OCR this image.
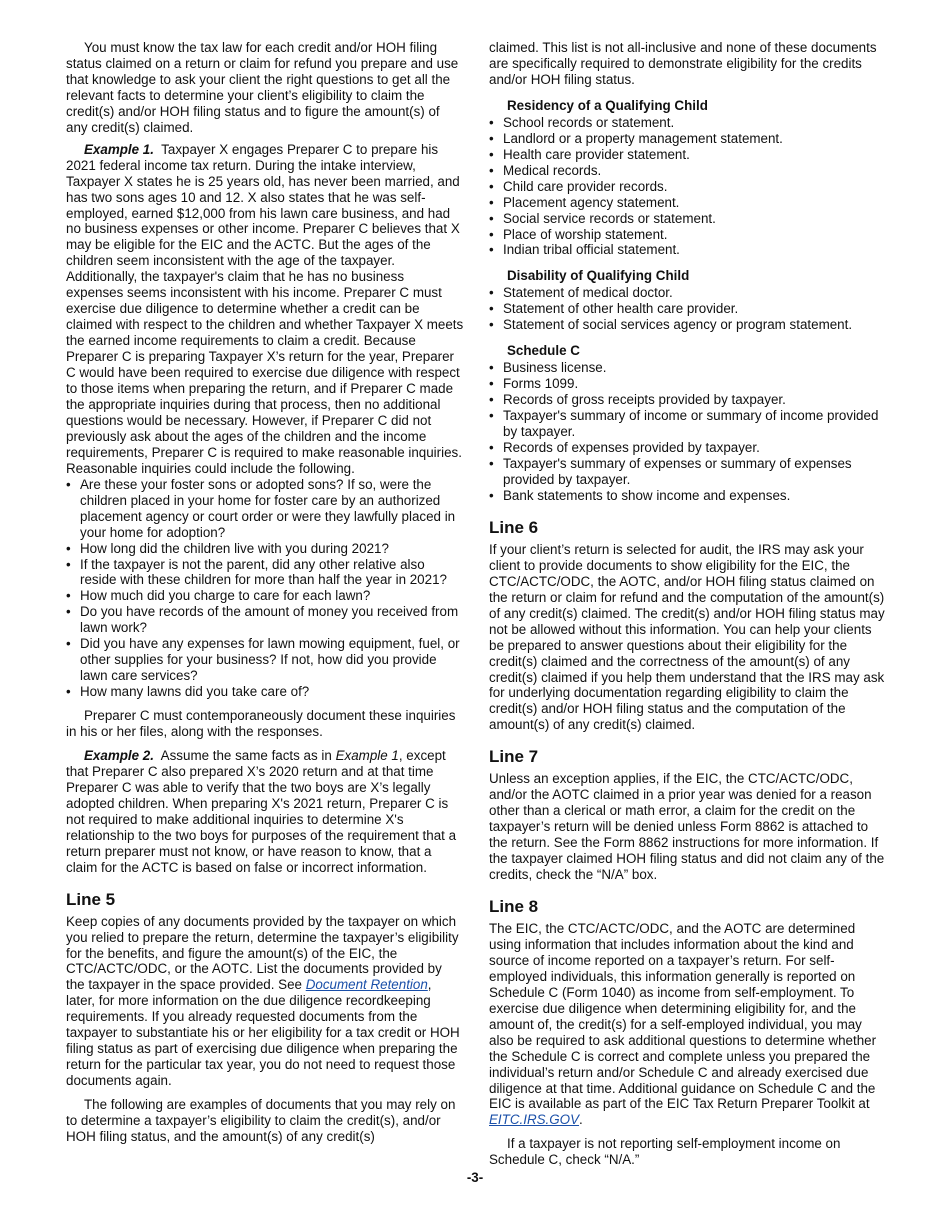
You must know the tax law for each credit and/or HOH filing status claimed on a return or claim for refund you prepare and use that knowledge to ask your client the right questions to get all the relevant facts to determine your client’s eligibility to claim the credit(s) and/or HOH filing status and to figure the amount(s) of any credit(s) claimed.

Example 1. Taxpayer X engages Preparer C to prepare his 2021 federal income tax return. During the intake interview, Taxpayer X states he is 25 years old, has never been married, and has two sons ages 10 and 12. X also states that he was self-employed, earned $12,000 from his lawn care business, and had no business expenses or other income. Preparer C believes that X may be eligible for the EIC and the ACTC. But the ages of the children seem inconsistent with the age of the taxpayer. Additionally, the taxpayer's claim that he has no business expenses seems inconsistent with his income. Preparer C must exercise due diligence to determine whether a credit can be claimed with respect to the children and whether Taxpayer X meets the earned income requirements to claim a credit. Because Preparer C is preparing Taxpayer X’s return for the year, Preparer C would have been required to exercise due diligence with respect to those items when preparing the return, and if Preparer C made the appropriate inquiries during that process, then no additional questions would be necessary. However, if Preparer C did not previously ask about the ages of the children and the income requirements, Preparer C is required to make reasonable inquiries. Reasonable inquiries could include the following.

• Are these your foster sons or adopted sons? If so, were the children placed in your home for foster care by an authorized placement agency or court order or were they lawfully placed in your home for adoption?
• How long did the children live with you during 2021?
• If the taxpayer is not the parent, did any other relative also reside with these children for more than half the year in 2021?
• How much did you charge to care for each lawn?
• Do you have records of the amount of money you received from lawn work?
• Did you have any expenses for lawn mowing equipment, fuel, or other supplies for your business? If not, how did you provide lawn care services?
• How many lawns did you take care of?

Preparer C must contemporaneously document these inquiries in his or her files, along with the responses.

Example 2. Assume the same facts as in Example 1, except that Preparer C also prepared X’s 2020 return and at that time Preparer C was able to verify that the two boys are X’s legally adopted children. When preparing X's 2021 return, Preparer C is not required to make additional inquiries to determine X's relationship to the two boys for purposes of the requirement that a return preparer must not know, or have reason to know, that a claim for the ACTC is based on false or incorrect information.

Line 5

Keep copies of any documents provided by the taxpayer on which you relied to prepare the return, determine the taxpayer’s eligibility for the benefits, and figure the amount(s) of the EIC, the CTC/ACTC/ODC, or the AOTC. List the documents provided by the taxpayer in the space provided. See Document Retention, later, for more information on the due diligence recordkeeping requirements. If you already requested documents from the taxpayer to substantiate his or her eligibility for a tax credit or HOH filing status as part of exercising due diligence when preparing the return for the particular tax year, you do not need to request those documents again.

The following are examples of documents that you may rely on to determine a taxpayer’s eligibility to claim the credit(s), and/or HOH filing status, and the amount(s) of any credit(s)

claimed. This list is not all-inclusive and none of these documents are specifically required to demonstrate eligibility for the credits and/or HOH filing status.

Residency of a Qualifying Child
• School records or statement.
• Landlord or a property management statement.
• Health care provider statement.
• Medical records.
• Child care provider records.
• Placement agency statement.
• Social service records or statement.
• Place of worship statement.
• Indian tribal official statement.
Disability of Qualifying Child
• Statement of medical doctor.
• Statement of other health care provider.
• Statement of social services agency or program statement.
Schedule C
• Business license.
• Forms 1099.
• Records of gross receipts provided by taxpayer.
• Taxpayer's summary of income or summary of income provided by taxpayer.
• Records of expenses provided by taxpayer.
• Taxpayer's summary of expenses or summary of expenses provided by taxpayer.
• Bank statements to show income and expenses.
Line 6

If your client’s return is selected for audit, the IRS may ask your client to provide documents to show eligibility for the EIC, the CTC/ACTC/ODC, the AOTC, and/or HOH filing status claimed on the return or claim for refund and the computation of the amount(s) of any credit(s) claimed. The credit(s) and/or HOH filing status may not be allowed without this information. You can help your clients be prepared to answer questions about their eligibility for the credit(s) claimed and the correctness of the amount(s) of any credit(s) claimed if you help them understand that the IRS may ask for underlying documentation regarding eligibility to claim the credit(s) and/or HOH filing status and the computation of the amount(s) of any credit(s) claimed.

Line 7

Unless an exception applies, if the EIC, the CTC/ACTC/ODC, and/or the AOTC claimed in a prior year was denied for a reason other than a clerical or math error, a claim for the credit on the taxpayer’s return will be denied unless Form 8862 is attached to the return. See the Form 8862 instructions for more information. If the taxpayer claimed HOH filing status and did not claim any of the credits, check the “N/A” box.

Line 8

The EIC, the CTC/ACTC/ODC, and the AOTC are determined using information that includes information about the kind and source of income reported on a taxpayer’s return. For self-employed individuals, this information generally is reported on Schedule C (Form 1040) as income from self-employment. To exercise due diligence when determining eligibility for, and the amount of, the credit(s) for a self-employed individual, you may also be required to ask additional questions to determine whether the Schedule C is correct and complete unless you prepared the individual’s return and/or Schedule C and already exercised due diligence at that time. Additional guidance on Schedule C and the EIC is available as part of the EIC Tax Return Preparer Toolkit at EITC.IRS.GOV.

If a taxpayer is not reporting self-employment income on Schedule C, check “N/A.”

-3-
